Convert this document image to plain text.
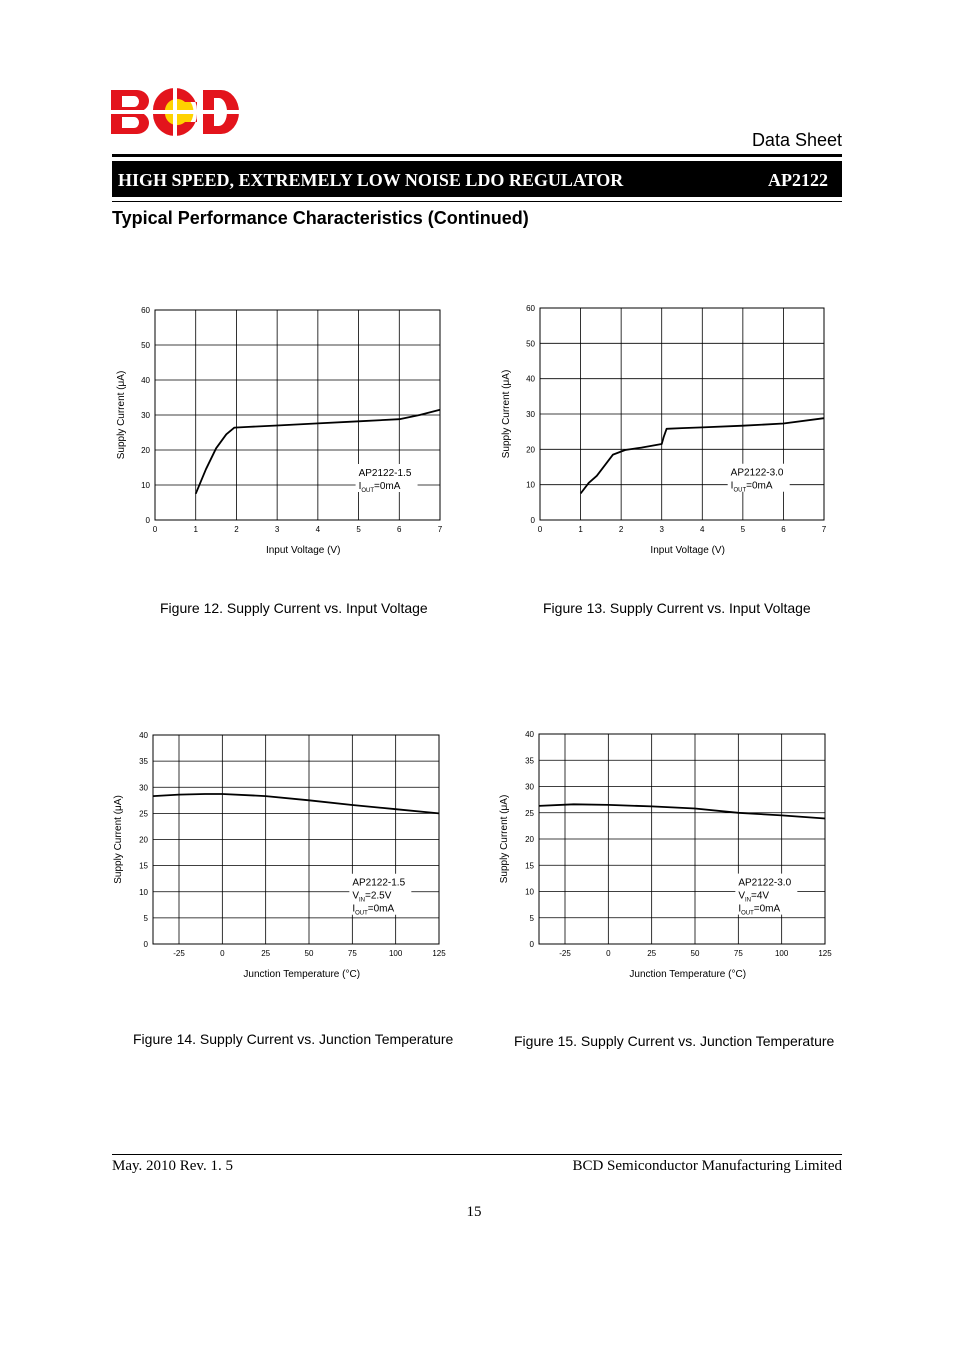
Data Sheet
HIGH SPEED, EXTREMELY LOW NOISE LDO REGULATOR	AP2122
Typical Performance Characteristics (Continued)
0	1	2	3	4	5	6	7
0
10
20
30
40
50
60
Input Voltage (V)
Supply Current (μA)
AP2122-1.5
$I_{OUT}=0mA$
Figure 12. Supply Current vs. Input Voltage
0	1	2	3	4	5	6	7
0
10
20
30
40
50
60
Input Voltage (V)
Supply Current (μA)
AP2122-3.0
$I_{OUT}=0mA$
Figure 13. Supply Current vs. Input Voltage
-25	0	25	50	75	100	125
0
5
10
15
20
25
30
35
40
Junction Temperature (°C)
Supply Current (μA)	AP2122-1.5
$V_{IN}=2.5V$
$I_{OUT}=0mA$
Figure 14. Supply Current vs. Junction Temperature
-25	0	25	50	75	100	125
0
5
10
15
20
25
30
35
40
Junction Temperature (°C)
Supply Current (μA)	AP2122-3.0
$V_{IN}=4V$
$I_{OUT}=0mA$
Figure 15. Supply Current vs. Junction Temperature
May. 2010 Rev. 1. 5	BCD Semiconductor Manufacturing Limited
15
